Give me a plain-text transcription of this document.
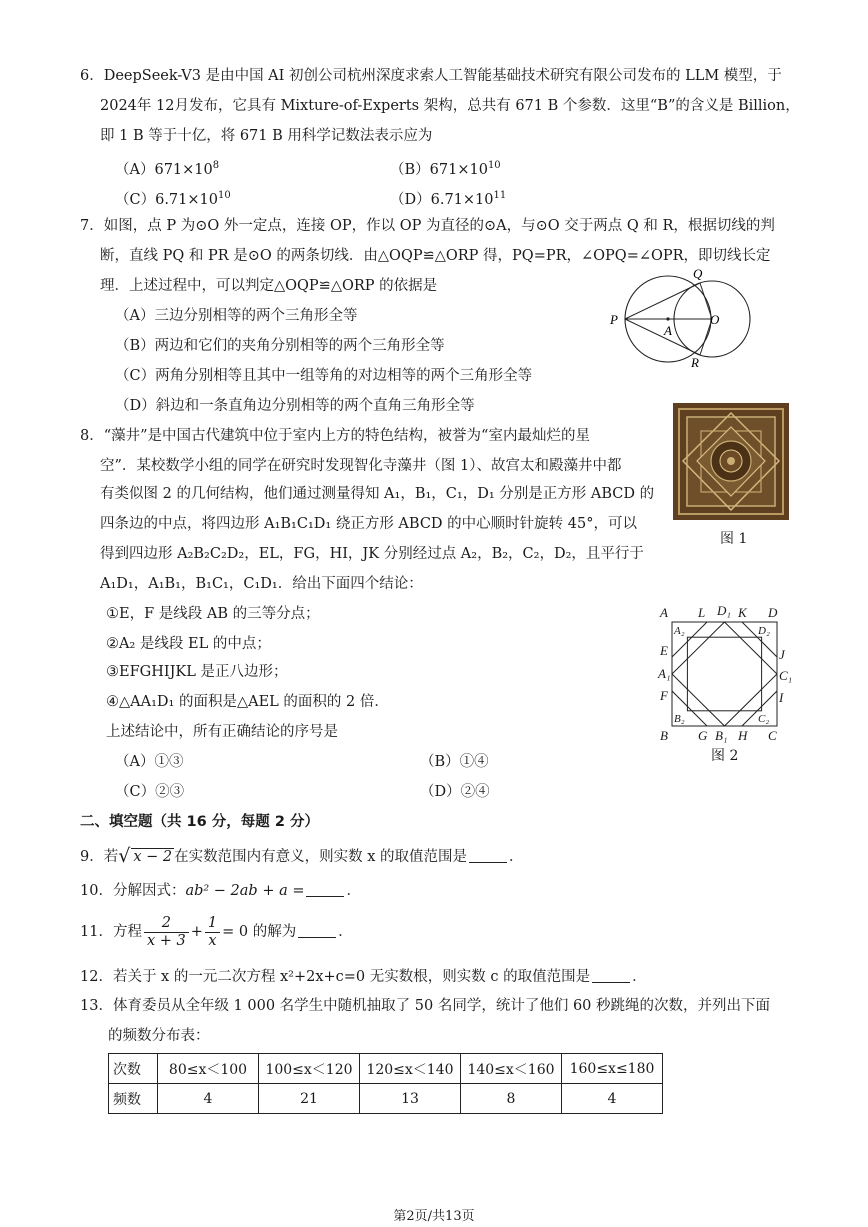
6．DeepSeek-V3 是由中国 AI 初创公司杭州深度求索人工智能基础技术研究有限公司发布的 LLM 模型，于
2024年 12月发布，它具有 Mixture-of-Experts 架构，总共有 671 B 个参数．这里“B”的含义是 Billion，
即 1 B 等于十亿，将 671 B 用科学记数法表示应为
$(A)671\times 10^8$	$(B)671\times 10^{10}$
$(C)6.71\times 10^{10}$	$(D)6.71\times 10^{11}$
7．如图，点 P 为⊙O 外一定点，连接 OP，作以 OP 为直径的⊙A，与⊙O 交于两点 Q 和 R，根据切线的判
断，直线 PQ 和 PR 是⊙O 的两条切线．由△OQP≌△ORP 得，PQ=PR，∠OPQ=∠OPR，即切线长定
理．上述过程中，可以判定△OQP≌△ORP 的依据是
（A）三边分别相等的两个三角形全等
（B）两边和它们的夹角分别相等的两个三角形全等
（C）两角分别相等且其中一组等角的对边相等的两个三角形全等
（D）斜边和一条直角边分别相等的两个直角三角形全等
P
A
O
Q
R
8．“藻井”是中国古代建筑中位于室内上方的特色结构，被誉为“室内最灿烂的星
空”．某校数学小组的同学在研究时发现智化寺藻井（图 1）、故宫太和殿藻井中都
有类似图 2 的几何结构，他们通过测量得知 A₁，B₁，C₁，D₁ 分别是正方形 ABCD 的
四条边的中点，将四边形 A₁B₁C₁D₁ 绕正方形 ABCD 的中心顺时针旋转 45°，可以
得到四边形 A₂B₂C₂D₂，EL，FG，HI，JK 分别经过点 A₂，B₂，C₂，D₂，且平行于
A₁D₁，A₁B₁，B₁C₁，C₁D₁．给出下面四个结论：
①E，F 是线段 AB 的三等分点；
②A₂ 是线段 EL 的中点；
③EFGHIJKL 是正八边形；
④△AA₁D₁ 的面积是△AEL 的面积的 2 倍．
上述结论中，所有正确结论的序号是
（A）①③	（B）①④
（C）②③	（D）②④
图 1
A L D₁ K D
A₂	D₂
E	J
A₁	C₁
F	I
B₂	C₂
B G B₁ H C
图 2
二、填空题（共 16 分，每题 2 分）
9．若√ x − 2 在实数范围内有意义，则实数 x 的取值范围是	．
10．分解因式：ab² − 2ab + a =	．
11．方程 $\frac{2}{x + 3} + \frac{1}{x} = 0$ 的解为	．
12．若关于 x 的一元二次方程 x²+2x+c=0 无实数根，则实数 c 的取值范围是	．
13．体育委员从全年级 1 000 名学生中随机抽取了 50 名同学，统计了他们 60 秒跳绳的次数，并列出下面
的频数分布表：
次数	80≤x＜100	100≤x＜120	120≤x＜140	140≤x＜160	160≤x≤180
频数	4	21	13	8	4
第2页/共13页
